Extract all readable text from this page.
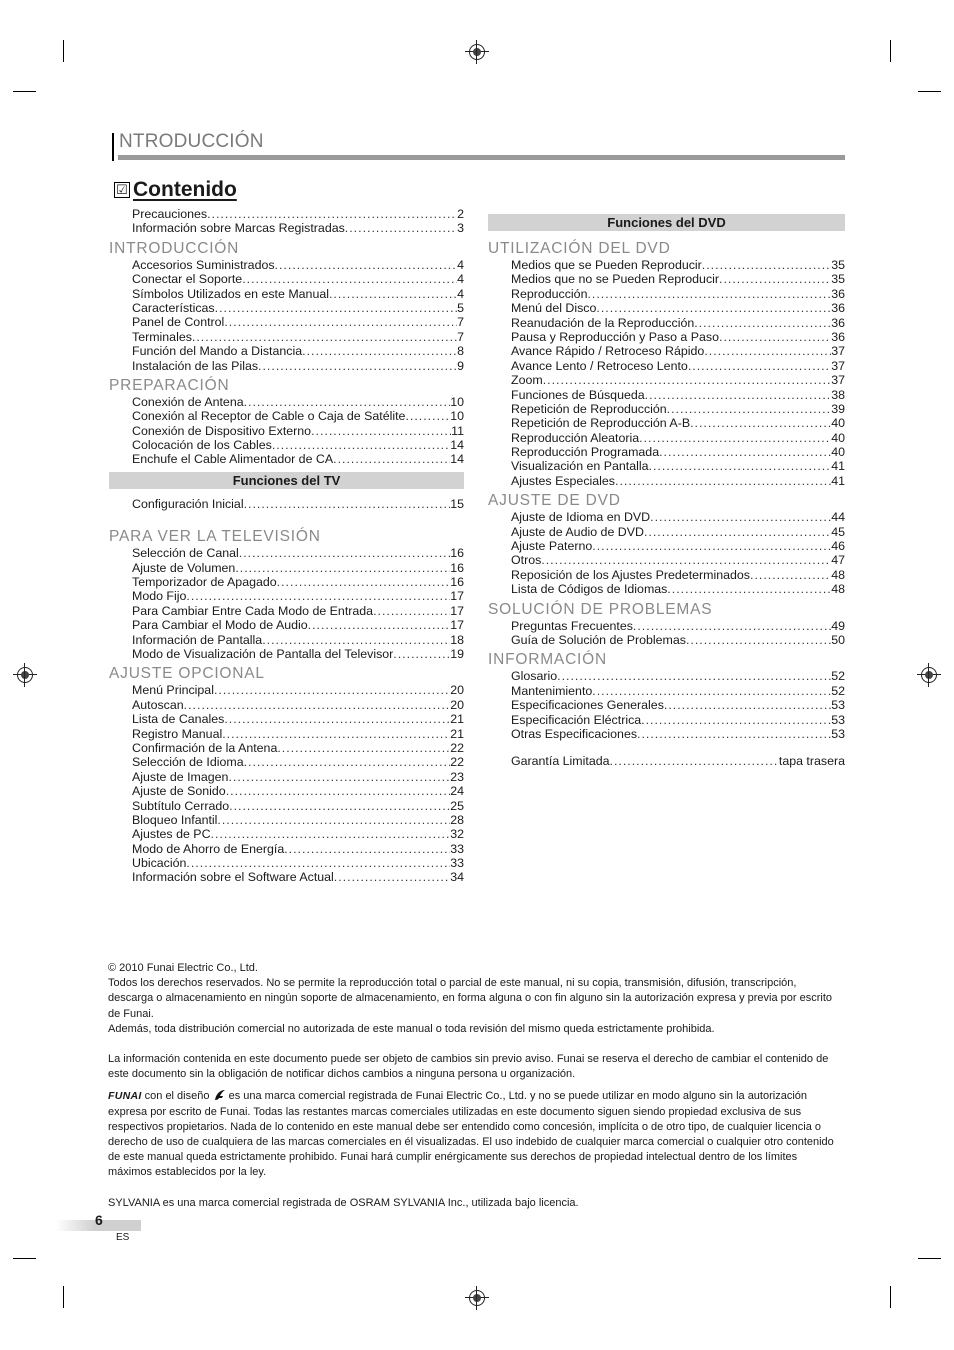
NTRODUCCIÓN
☑ Contenido
Precauciones .....	2
Información sobre Marcas Registradas .....	3
INTRODUCCIÓN
Accesorios Suministrados .....	4
Conectar el Soporte .....	4
Símbolos Utilizados en este Manual .....	4
Características .....	5
Panel de Control .....	7
Terminales .....	7
Función del Mando a Distancia .....	8
Instalación de las Pilas .....	9
PREPARACIÓN
Conexión de Antena .....	10
Conexión al Receptor de Cable o Caja de Satélite .....	10
Conexión de Dispositivo Externo .....	11
Colocación de los Cables .....	14
Enchufe el Cable Alimentador de CA .....	14
Funciones del TV
Configuración Inicial .....	15
PARA VER LA TELEVISIÓN
Selección de Canal .....	16
Ajuste de Volumen .....	16
Temporizador de Apagado .....	16
Modo Fijo .....	17
Para Cambiar Entre Cada Modo de Entrada .....	17
Para Cambiar el Modo de Audio .....	17
Información de Pantalla .....	18
Modo de Visualización de Pantalla del Televisor .....	19
AJUSTE OPCIONAL
Menú Principal .....	20
Autoscan .....	20
Lista de Canales .....	21
Registro Manual .....	21
Confirmación de la Antena .....	22
Selección de Idioma .....	22
Ajuste de Imagen .....	23
Ajuste de Sonido .....	24
Subtítulo Cerrado .....	25
Bloqueo Infantil .....	28
Ajustes de PC .....	32
Modo de Ahorro de Energía .....	33
Ubicación .....	33
Información sobre el Software Actual .....	34
Funciones del DVD
UTILIZACIÓN DEL DVD
Medios que se Pueden Reproducir .....	35
Medios que no se Pueden Reproducir .....	35
Reproducción .....	36
Menú del Disco .....	36
Reanudación de la Reproducción .....	36
Pausa y Reproducción y Paso a Paso .....	36
Avance Rápido / Retroceso Rápido .....	37
Avance Lento / Retroceso Lento .....	37
Zoom .....	37
Funciones de Búsqueda .....	38
Repetición de Reproducción .....	39
Repetición de Reproducción A-B .....	40
Reproducción Aleatoria .....	40
Reproducción Programada .....	40
Visualización en Pantalla .....	41
Ajustes Especiales .....	41
AJUSTE DE DVD
Ajuste de Idioma en DVD .....	44
Ajuste de Audio de DVD .....	45
Ajuste Paterno .....	46
Otros .....	47
Reposición de los Ajustes Predeterminados .....	48
Lista de Códigos de Idiomas .....	48
SOLUCIÓN DE PROBLEMAS
Preguntas Frecuentes .....	49
Guía de Solución de Problemas .....	50
INFORMACIÓN
Glosario .....	52
Mantenimiento .....	52
Especificaciones Generales .....	53
Especificación Eléctrica .....	53
Otras Especificaciones .....	53
Garantía Limitada .....	tapa trasera

© 2010 Funai Electric Co., Ltd.

Todos los derechos reservados. No se permite la reproducción total o parcial de este manual, ni su copia, transmisión, difusión, transcripción, descarga o almacenamiento en ningún soporte de almacenamiento, en forma alguna o con fin alguno sin la autorización expresa y previa por escrito de Funai.

Además, toda distribución comercial no autorizada de este manual o toda revisión del mismo queda estrictamente prohibida.

La información contenida en este documento puede ser objeto de cambios sin previo aviso. Funai se reserva el derecho de cambiar el contenido de este documento sin la obligación de notificar dichos cambios a ninguna persona u organización.

FUNAI con el diseño  es una marca comercial registrada de Funai Electric Co., Ltd. y no se puede utilizar en modo alguno sin la autorización expresa por escrito de Funai. Todas las restantes marcas comerciales utilizadas en este documento siguen siendo propiedad exclusiva de sus respectivos propietarios. Nada de lo contenido en este manual debe ser entendido como concesión, implícita o de otro tipo, de cualquier licencia o derecho de uso de cualquiera de las marcas comerciales en él visualizadas. El uso indebido de cualquier marca comercial o cualquier otro contenido de este manual queda estrictamente prohibido. Funai hará cumplir enérgicamente sus derechos de propiedad intelectual dentro de los límites máximos establecidos por la ley.

SYLVANIA es una marca comercial registrada de OSRAM SYLVANIA Inc., utilizada bajo licencia.

6
ES
